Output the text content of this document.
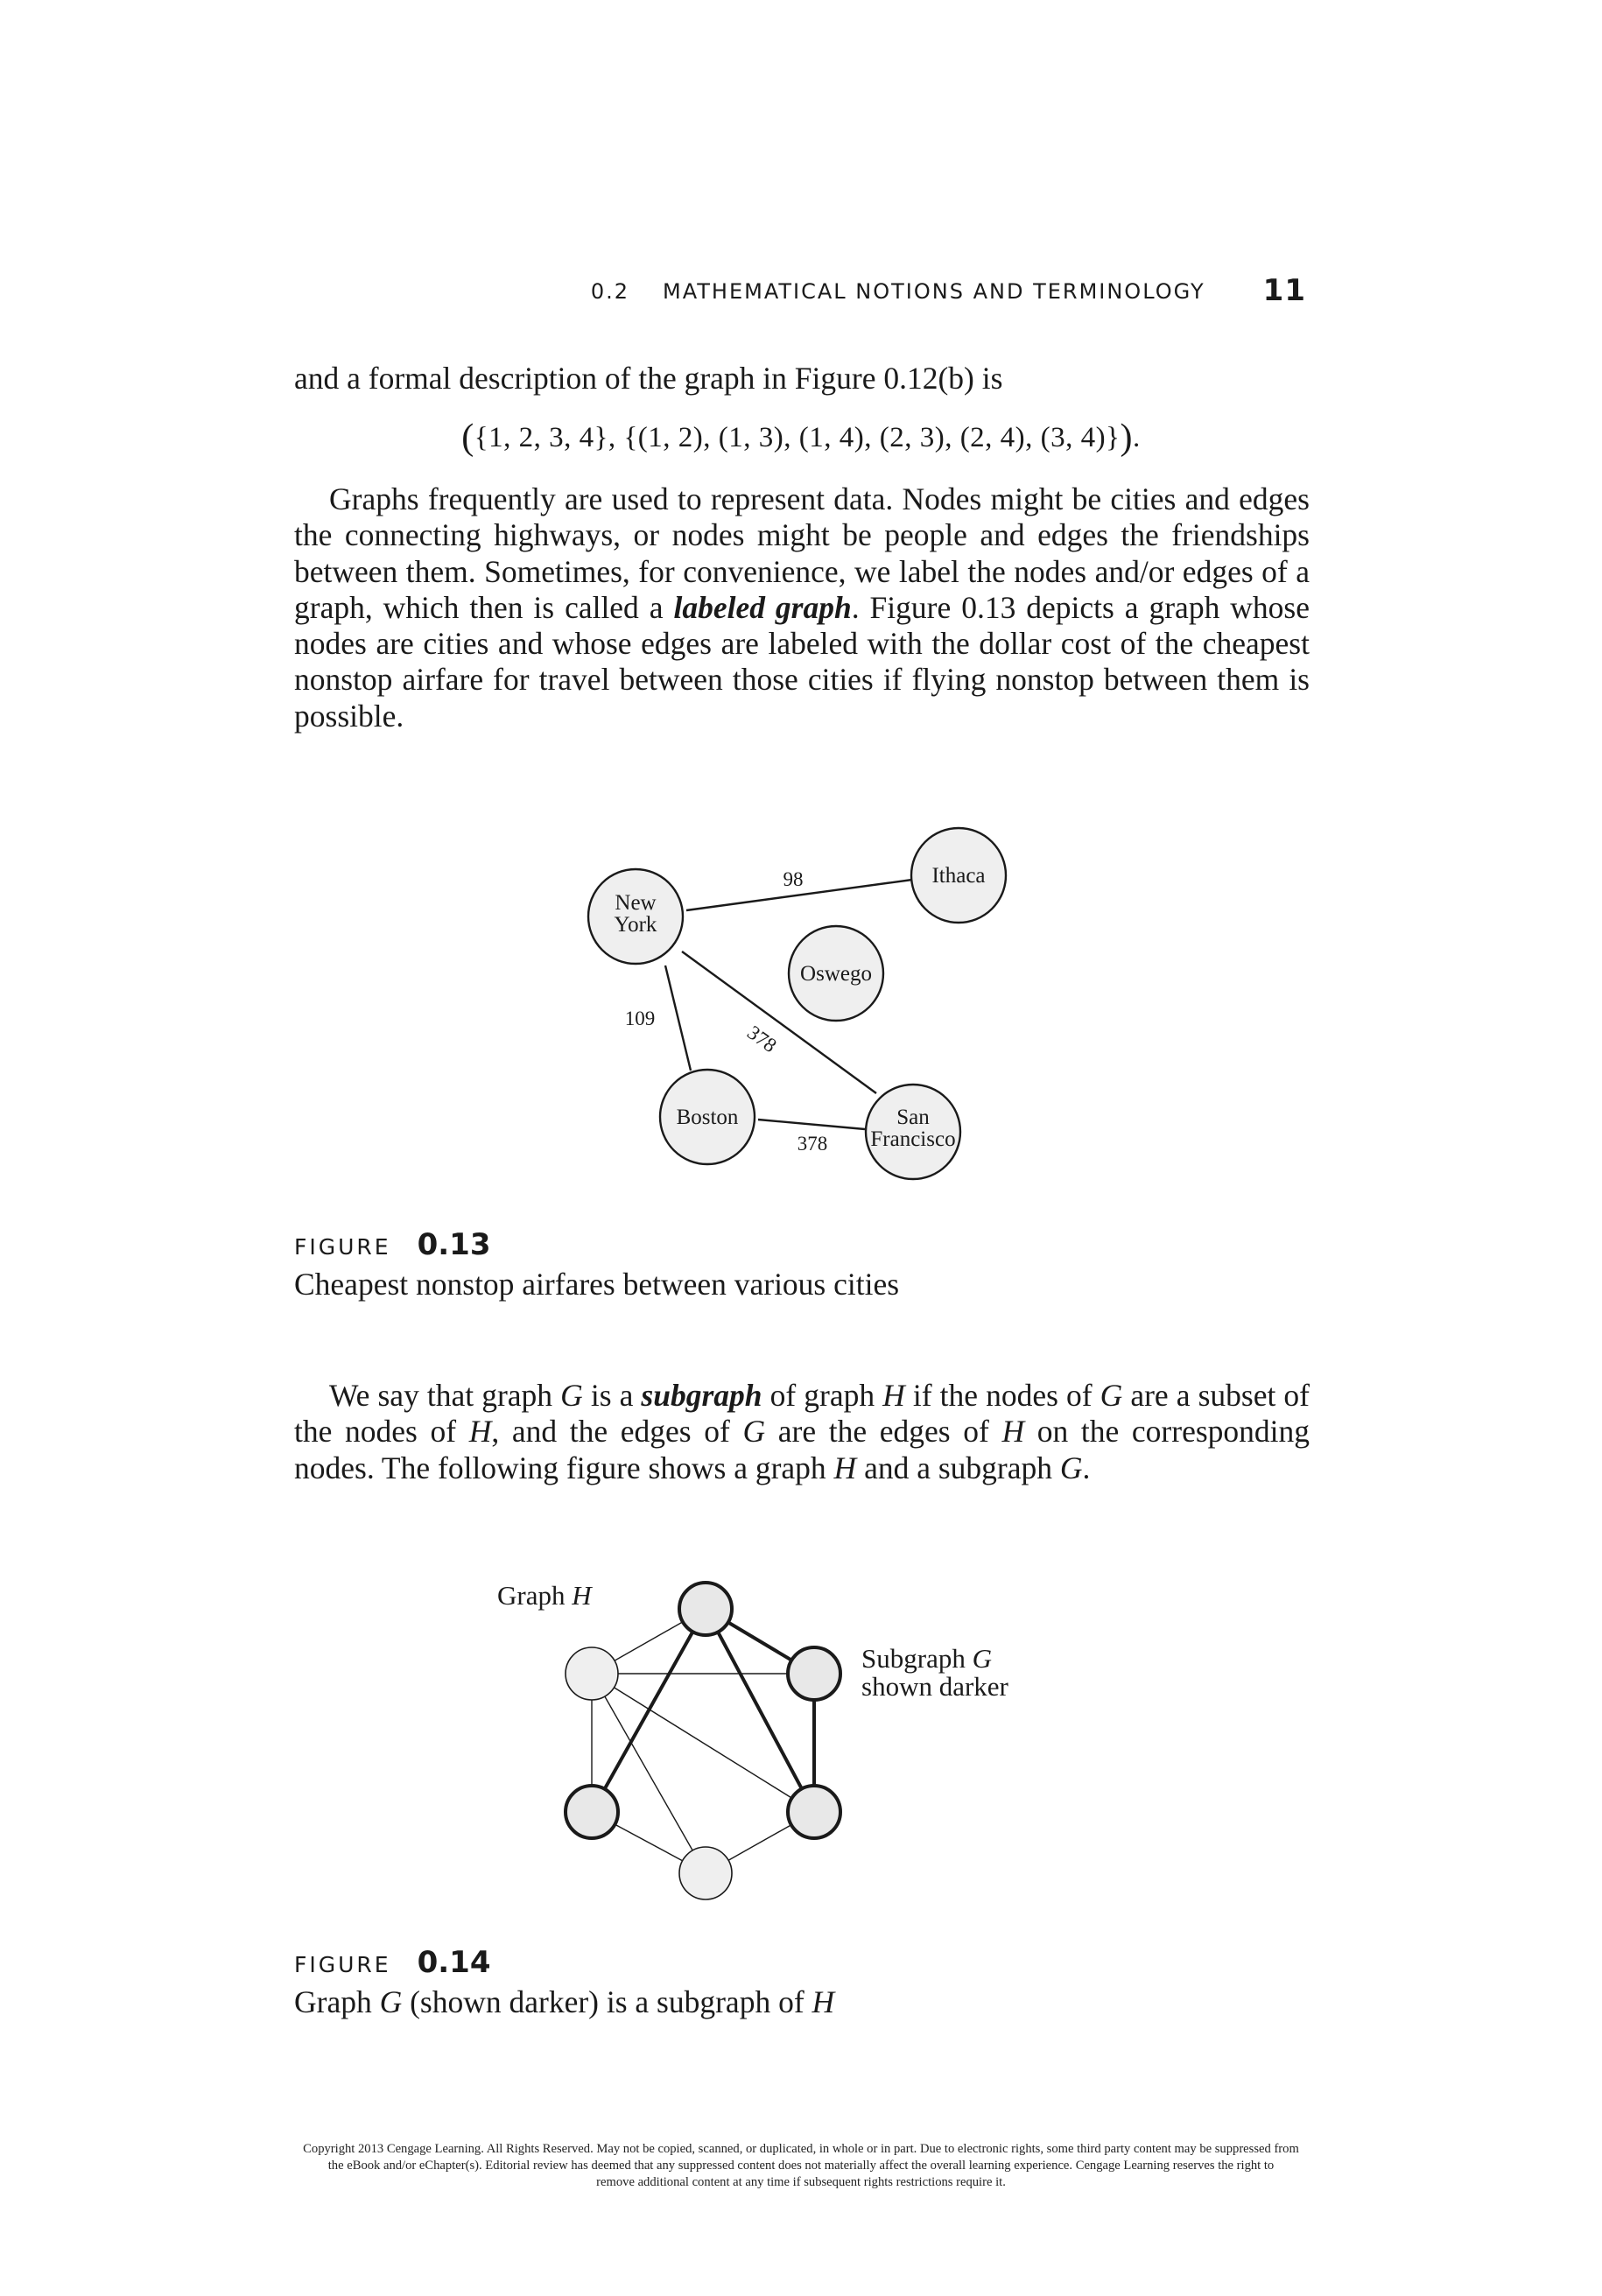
0.2 MATHEMATICAL NOTIONS AND TERMINOLOGY 11

and a formal description of the graph in Figure 0.12(b) is

({1, 2, 3, 4}, {(1, 2), (1, 3), (1, 4), (2, 3), (2, 4), (3, 4)}).

Graphs frequently are used to represent data. Nodes might be cities and edges the connecting highways, or nodes might be people and edges the friendships between them. Sometimes, for convenience, we label the nodes and/or edges of a graph, which then is called a labeled graph. Figure 0.13 depicts a graph whose nodes are cities and whose edges are labeled with the dollar cost of the cheapest nonstop airfare for travel between those cities if flying nonstop between them is possible.

New
York
Ithaca
Oswego
Boston	San
Francisco
98
109
378
378
Graph H
Subgraph G
shown darker
FIGURE 0.13
Cheapest nonstop airfares between various cities

We say that graph G is a subgraph of graph H if the nodes of G are a subset of the nodes of H, and the edges of G are the edges of H on the corresponding nodes. The following figure shows a graph H and a subgraph G.

FIGURE 0.14
Graph G (shown darker) is a subgraph of H
Copyright 2013 Cengage Learning. All Rights Reserved. May not be copied, scanned, or duplicated, in whole or in part. Due to electronic rights, some third party content may be suppressed from
the eBook and/or eChapter(s). Editorial review has deemed that any suppressed content does not materially affect the overall learning experience. Cengage Learning reserves the right to
remove additional content at any time if subsequent rights restrictions require it.
